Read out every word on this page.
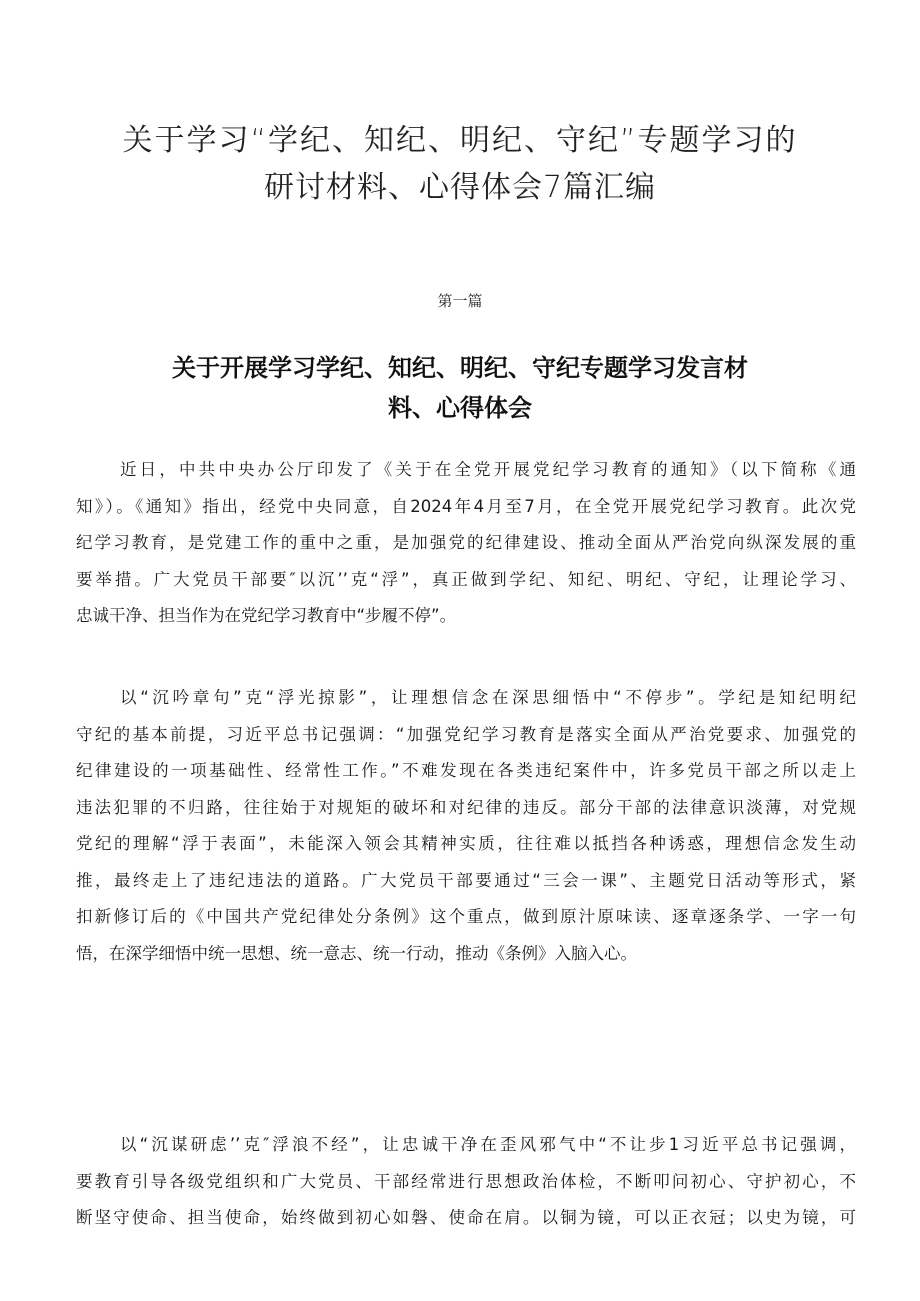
关于学习“学纪、知纪、明纪、守纪”专题学习的
研讨材料、心得体会7篇汇编
第一篇
关于开展学习学纪、知纪、明纪、守纪专题学习发言材
料、心得体会
近日，中共中央办公厅印发了《关于在全党开展党纪学习教育的通知》（以下简称《通
知》）。《通知》指出，经党中央同意，自2024年4月至7月，在全党开展党纪学习教育。此次党
纪学习教育，是党建工作的重中之重，是加强党的纪律建设、推动全面从严治党向纵深发展的重
要举措。广大党员干部要″以沉’’克“浮”，真正做到学纪、知纪、明纪、守纪，让理论学习、
忠诚干净、担当作为在党纪学习教育中“步履不停”。
以“沉吟章句”克“浮光掠影”，让理想信念在深思细悟中“不停步”。学纪是知纪明纪
守纪的基本前提，习近平总书记强调：“加强党纪学习教育是落实全面从严治党要求、加强党的
纪律建设的一项基础性、经常性工作。”不难发现在各类违纪案件中，许多党员干部之所以走上
违法犯罪的不归路，往往始于对规矩的破坏和对纪律的违反。部分干部的法律意识淡薄，对党规
党纪的理解“浮于表面”，未能深入领会其精神实质，往往难以抵挡各种诱惑，理想信念发生动
推，最终走上了违纪违法的道路。广大党员干部要通过“三会一课”、主题党日活动等形式，紧
扣新修订后的《中国共产党纪律处分条例》这个重点，做到原汁原味读、逐章逐条学、一字一句
悟，在深学细悟中统一思想、统一意志、统一行动，推动《条例》入脑入心。
以“沉谋研虑’’克″浮浪不经”，让忠诚干净在歪风邪气中“不让步1习近平总书记强调，
要教育引导各级党组织和广大党员、干部经常进行思想政治体检，不断叩问初心、守护初心，不
断坚守使命、担当使命，始终做到初心如磐、使命在肩。以铜为镜，可以正衣冠；以史为镜，可
